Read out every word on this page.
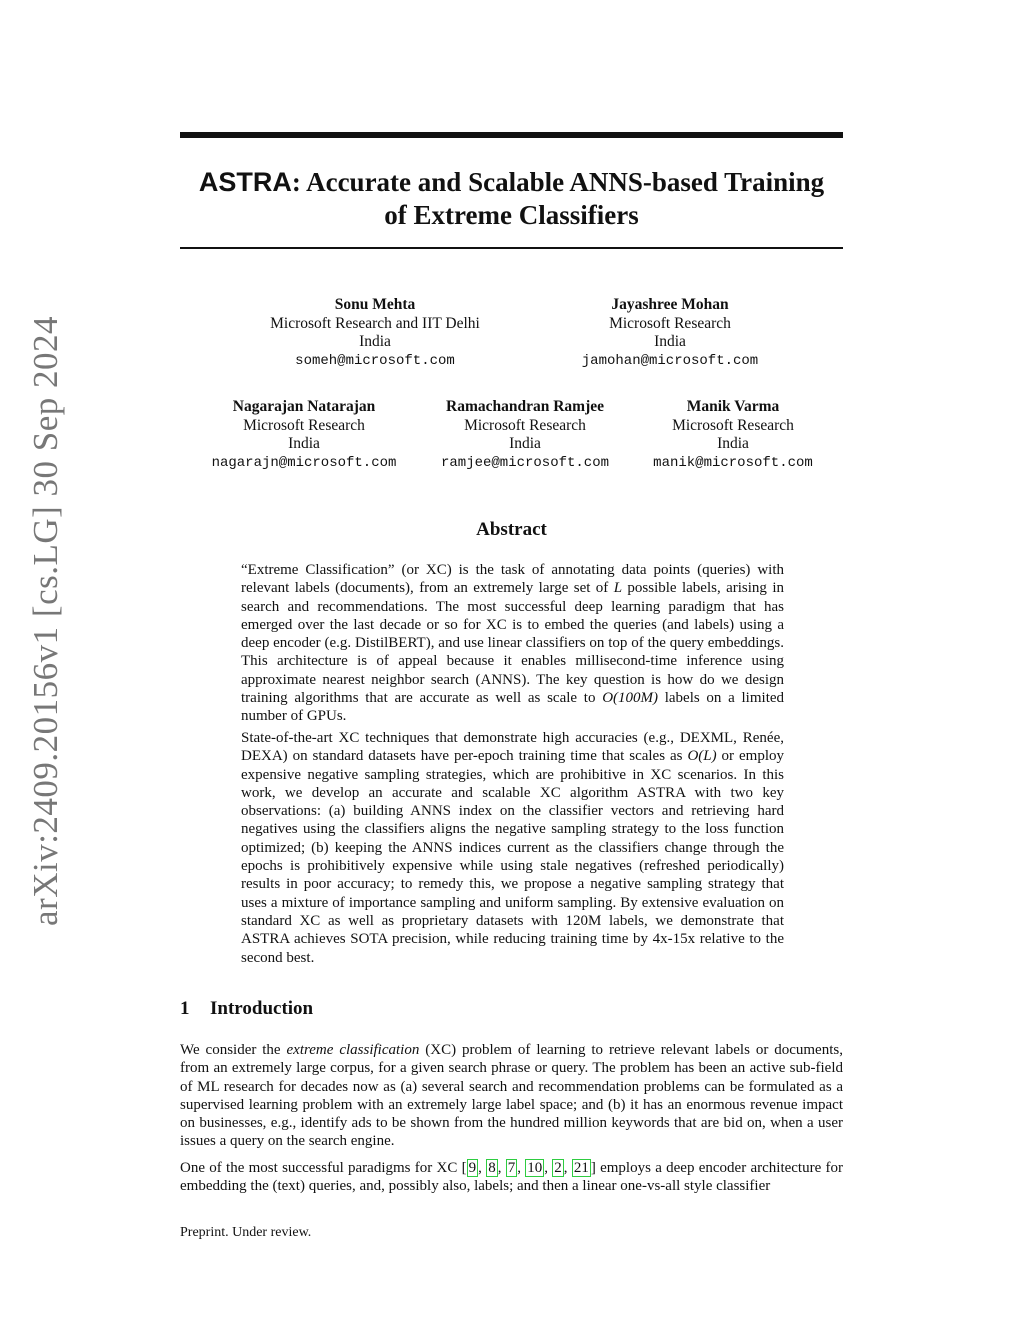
arXiv:2409.20156v1 [cs.LG] 30 Sep 2024
ASTRA: Accurate and Scalable ANNS-based Training
of Extreme Classifiers
Sonu Mehta
Microsoft Research and IIT Delhi
India
someh@microsoft.com
Jayashree Mohan
Microsoft Research
India
jamohan@microsoft.com
Nagarajan Natarajan
Microsoft Research
India
nagarajn@microsoft.com
Ramachandran Ramjee
Microsoft Research
India
ramjee@microsoft.com
Manik Varma
Microsoft Research
India
manik@microsoft.com
Abstract

“Extreme Classification” (or XC) is the task of annotating data points (queries) with relevant labels (documents), from an extremely large set of L possible labels, arising in search and recommendations. The most successful deep learning paradigm that has emerged over the last decade or so for XC is to embed the queries (and labels) using a deep encoder (e.g. DistilBERT), and use linear classifiers on top of the query embeddings. This architecture is of appeal because it enables millisecond-time inference using approximate nearest neighbor search (ANNS). The key question is how do we design training algorithms that are accurate as well as scale to O(100M) labels on a limited number of GPUs.

State-of-the-art XC techniques that demonstrate high accuracies (e.g., DEXML, Renée, DEXA) on standard datasets have per-epoch training time that scales as O(L) or employ expensive negative sampling strategies, which are prohibitive in XC scenarios. In this work, we develop an accurate and scalable XC algorithm ASTRA with two key observations: (a) building ANNS index on the classifier vectors and retrieving hard negatives using the classifiers aligns the negative sampling strategy to the loss function optimized; (b) keeping the ANNS indices current as the classifiers change through the epochs is prohibitively expensive while using stale negatives (refreshed periodically) results in poor accuracy; to remedy this, we propose a negative sampling strategy that uses a mixture of importance sampling and uniform sampling. By extensive evaluation on standard XC as well as proprietary datasets with 120M labels, we demonstrate that ASTRA achieves SOTA precision, while reducing training time by 4x-15x relative to the second best.

1 Introduction

We consider the extreme classification (XC) problem of learning to retrieve relevant labels or documents, from an extremely large corpus, for a given search phrase or query. The problem has been an active sub-field of ML research for decades now as (a) several search and recommendation problems can be formulated as a supervised learning problem with an extremely large label space; and (b) it has an enormous revenue impact on businesses, e.g., identify ads to be shown from the hundred million keywords that are bid on, when a user issues a query on the search engine.

One of the most successful paradigms for XC [ 9 , 8 , 7 , 10 , 2 , 21 ] employs a deep encoder architecture for embedding the (text) queries, and, possibly also, labels; and then a linear one-vs-all style classifier

Preprint. Under review.
